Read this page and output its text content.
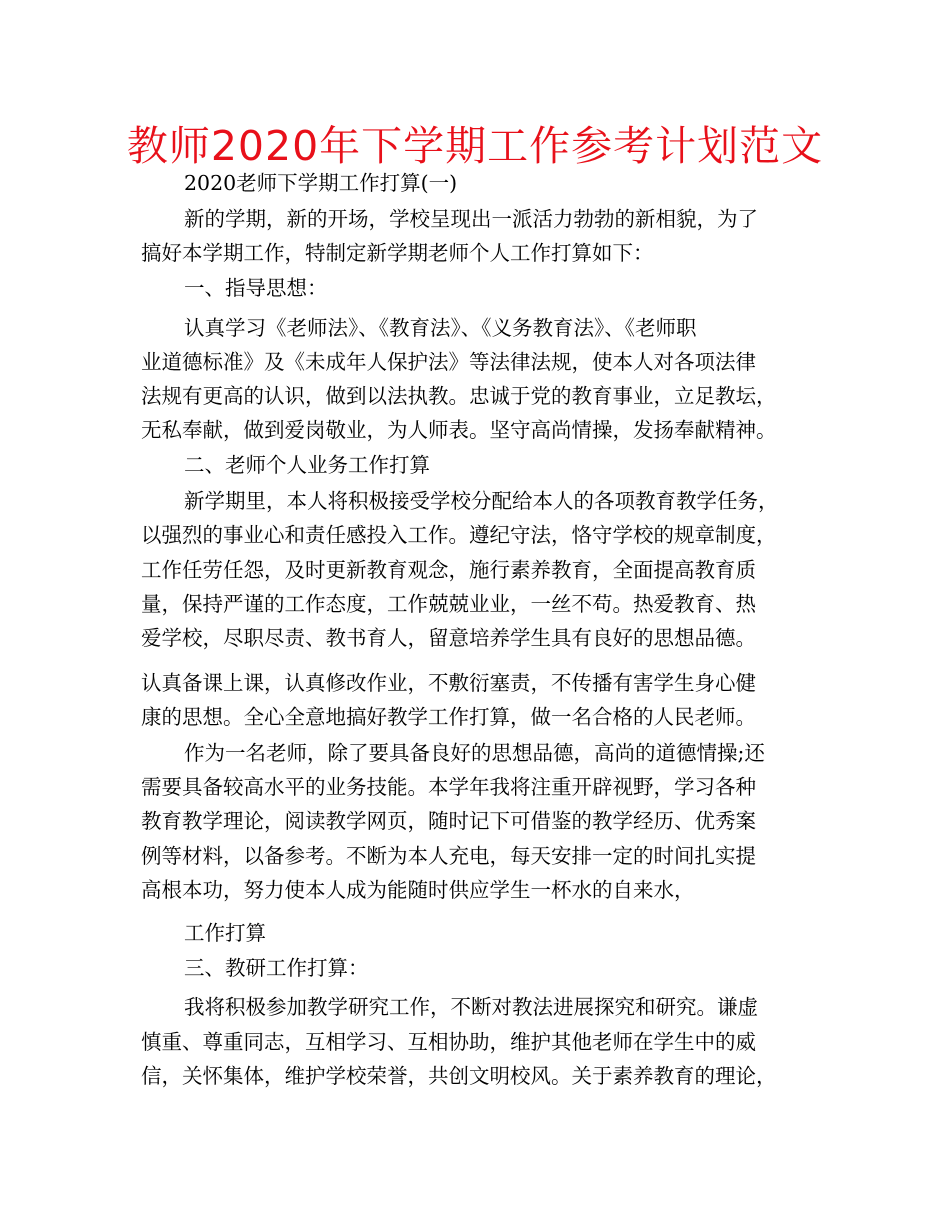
教师2020年下学期工作参考计划范文
2020老师下学期工作打算(一)
新的学期，新的开场，学校呈现出一派活力勃勃的新相貌，为了
搞好本学期工作，特制定新学期老师个人工作打算如下：
一、指导思想：
认真学习《老师法》、《教育法》、《义务教育法》、《老师职
业道德标准》及《未成年人保护法》等法律法规，使本人对各项法律
法规有更高的认识，做到以法执教。忠诚于党的教育事业，立足教坛，
无私奉献，做到爱岗敬业，为人师表。坚守高尚情操，发扬奉献精神。
二、老师个人业务工作打算
新学期里，本人将积极接受学校分配给本人的各项教育教学任务，
以强烈的事业心和责任感投入工作。遵纪守法，恪守学校的规章制度，
工作任劳任怨，及时更新教育观念，施行素养教育，全面提高教育质
量，保持严谨的工作态度，工作兢兢业业，一丝不苟。热爱教育、热
爱学校，尽职尽责、教书育人，留意培养学生具有良好的思想品德。
认真备课上课，认真修改作业，不敷衍塞责，不传播有害学生身心健
康的思想。全心全意地搞好教学工作打算，做一名合格的人民老师。
作为一名老师，除了要具备良好的思想品德，高尚的道德情操;还
需要具备较高水平的业务技能。本学年我将注重开辟视野，学习各种
教育教学理论，阅读教学网页，随时记下可借鉴的教学经历、优秀案
例等材料，以备参考。不断为本人充电，每天安排一定的时间扎实提
高根本功，努力使本人成为能随时供应学生一杯水的自来水，
工作打算
三、教研工作打算：
我将积极参加教学研究工作，不断对教法进展探究和研究。谦虚
慎重、尊重同志，互相学习、互相协助，维护其他老师在学生中的威
信，关怀集体，维护学校荣誉，共创文明校风。关于素养教育的理论，
